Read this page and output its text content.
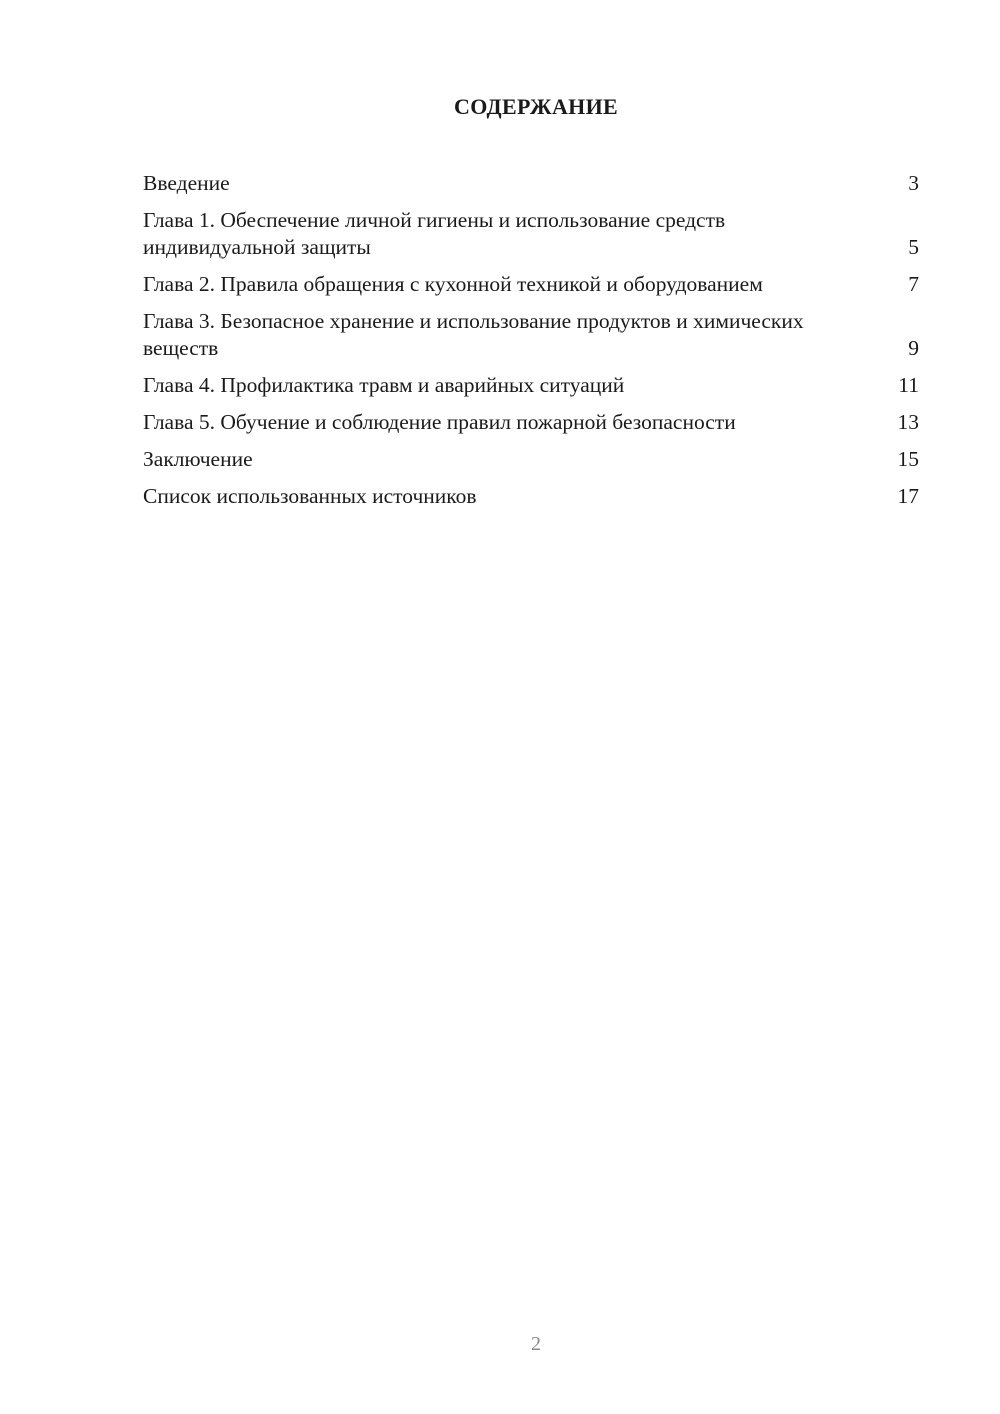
СОДЕРЖАНИЕ
Введение	3
Глава 1. Обеспечение личной гигиены и использование средств индивидуальной защиты	5
Глава 2. Правила обращения с кухонной техникой и оборудованием	7
Глава 3. Безопасное хранение и использование продуктов и химических веществ	9
Глава 4. Профилактика травм и аварийных ситуаций	11
Глава 5. Обучение и соблюдение правил пожарной безопасности	13
Заключение	15
Список использованных источников	17
2
